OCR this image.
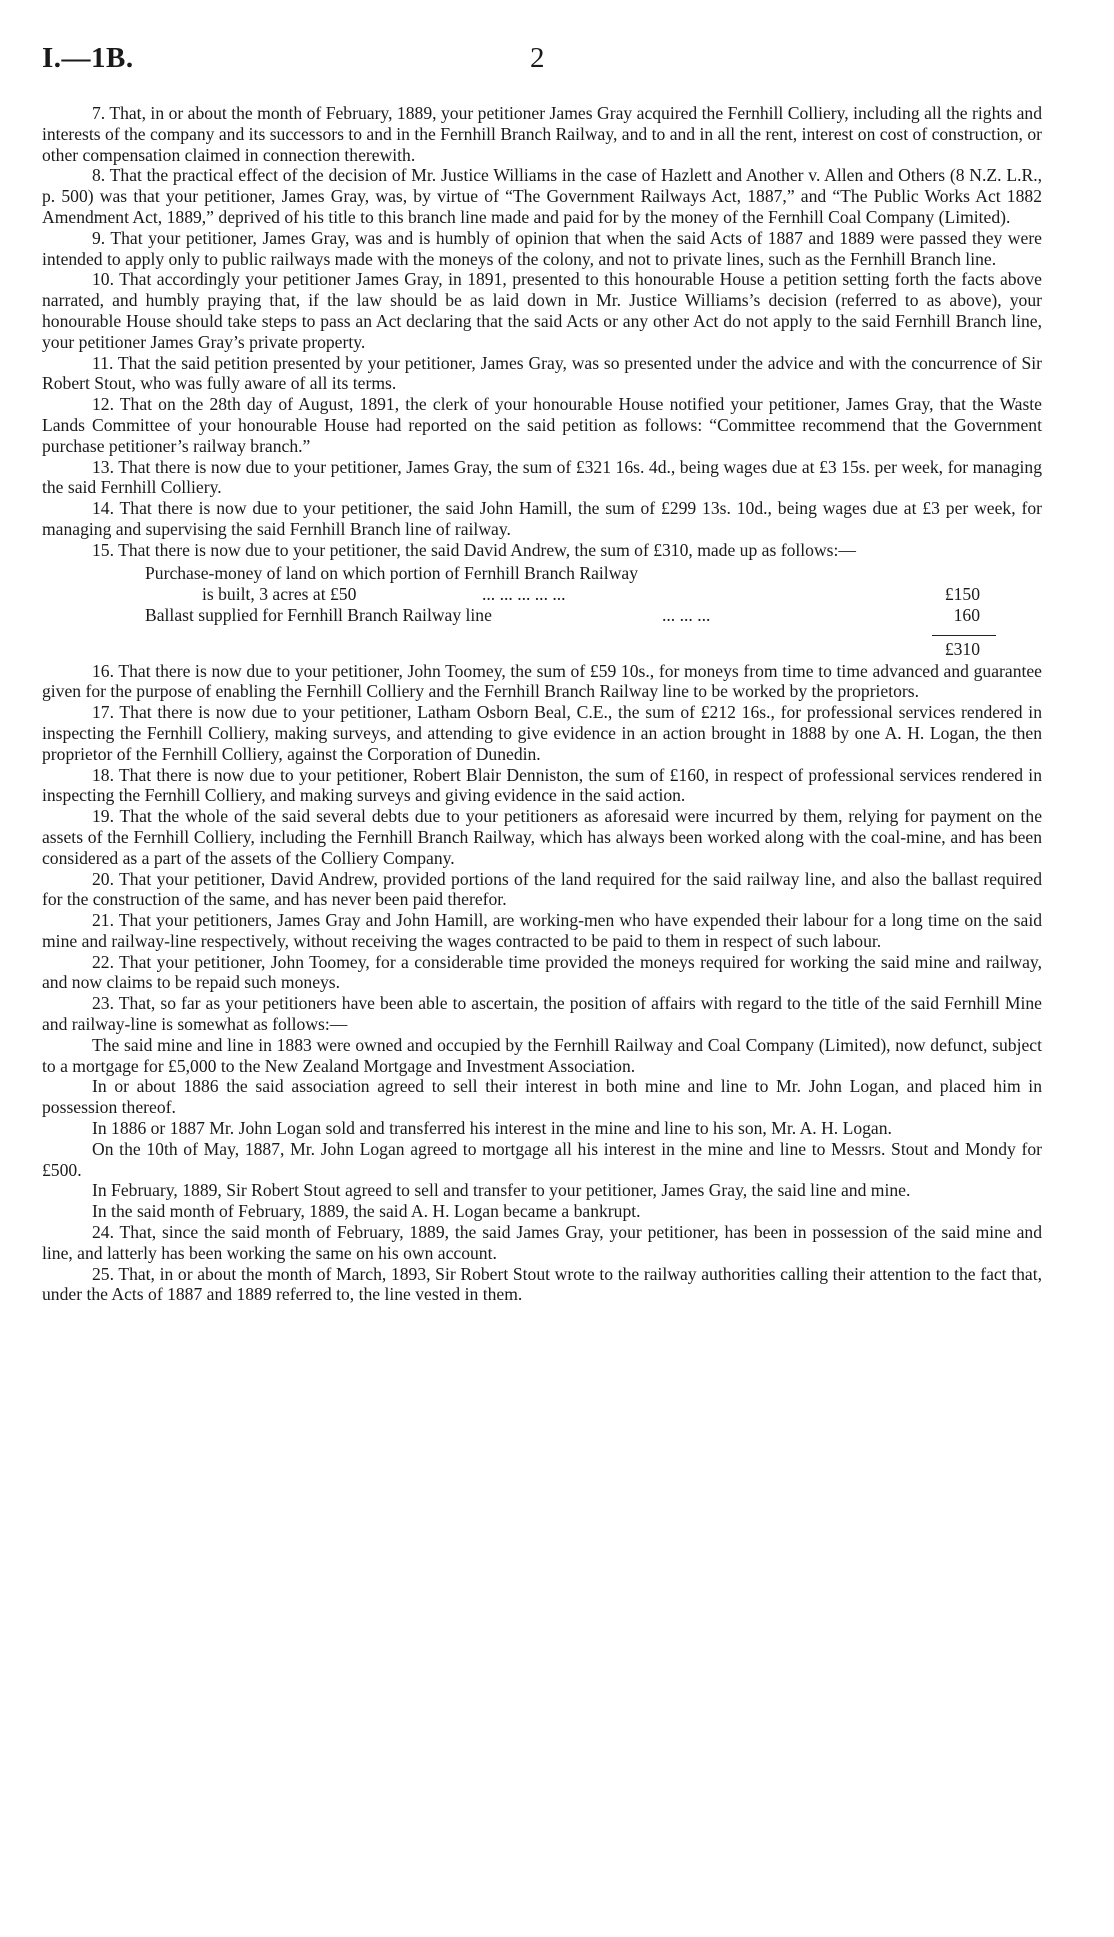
I.—1B.	2

7. That, in or about the month of February, 1889, your petitioner James Gray acquired the Fernhill Colliery, including all the rights and interests of the company and its successors to and in the Fernhill Branch Railway, and to and in all the rent, interest on cost of construction, or other compensation claimed in connection therewith.

8. That the practical effect of the decision of Mr. Justice Williams in the case of Hazlett and Another v. Allen and Others (8 N.Z. L.R., p. 500) was that your petitioner, James Gray, was, by virtue of “The Government Railways Act, 1887,” and “The Public Works Act 1882 Amendment Act, 1889,” deprived of his title to this branch line made and paid for by the money of the Fernhill Coal Company (Limited).

9. That your petitioner, James Gray, was and is humbly of opinion that when the said Acts of 1887 and 1889 were passed they were intended to apply only to public railways made with the moneys of the colony, and not to private lines, such as the Fernhill Branch line.

10. That accordingly your petitioner James Gray, in 1891, presented to this honourable House a petition setting forth the facts above narrated, and humbly praying that, if the law should be as laid down in Mr. Justice Williams’s decision (referred to as above), your honourable House should take steps to pass an Act declaring that the said Acts or any other Act do not apply to the said Fernhill Branch line, your petitioner James Gray’s private property.

11. That the said petition presented by your petitioner, James Gray, was so presented under the advice and with the concurrence of Sir Robert Stout, who was fully aware of all its terms.

12. That on the 28th day of August, 1891, the clerk of your honourable House notified your petitioner, James Gray, that the Waste Lands Committee of your honourable House had reported on the said petition as follows: “Committee recommend that the Government purchase petitioner’s railway branch.”

13. That there is now due to your petitioner, James Gray, the sum of £321 16s. 4d., being wages due at £3 15s. per week, for managing the said Fernhill Colliery.

14. That there is now due to your petitioner, the said John Hamill, the sum of £299 13s. 10d., being wages due at £3 per week, for managing and supervising the said Fernhill Branch line of railway.

15. That there is now due to your petitioner, the said David Andrew, the sum of £310, made up as follows:—

Purchase-money of land on which portion of Fernhill Branch Railway
is built, 3 acres at £50	... ... ... ... ...	£150
Ballast supplied for Fernhill Branch Railway line	... ... ...	160
£310

16. That there is now due to your petitioner, John Toomey, the sum of £59 10s., for moneys from time to time advanced and guarantee given for the purpose of enabling the Fernhill Colliery and the Fernhill Branch Railway line to be worked by the proprietors.

17. That there is now due to your petitioner, Latham Osborn Beal, C.E., the sum of £212 16s., for professional services rendered in inspecting the Fernhill Colliery, making surveys, and attending to give evidence in an action brought in 1888 by one A. H. Logan, the then proprietor of the Fernhill Colliery, against the Corporation of Dunedin.

18. That there is now due to your petitioner, Robert Blair Denniston, the sum of £160, in respect of professional services rendered in inspecting the Fernhill Colliery, and making surveys and giving evidence in the said action.

19. That the whole of the said several debts due to your petitioners as aforesaid were incurred by them, relying for payment on the assets of the Fernhill Colliery, including the Fernhill Branch Railway, which has always been worked along with the coal-mine, and has been considered as a part of the assets of the Colliery Company.

20. That your petitioner, David Andrew, provided portions of the land required for the said railway line, and also the ballast required for the construction of the same, and has never been paid therefor.

21. That your petitioners, James Gray and John Hamill, are working-men who have expended their labour for a long time on the said mine and railway-line respectively, without receiving the wages contracted to be paid to them in respect of such labour.

22. That your petitioner, John Toomey, for a considerable time provided the moneys required for working the said mine and railway, and now claims to be repaid such moneys.

23. That, so far as your petitioners have been able to ascertain, the position of affairs with regard to the title of the said Fernhill Mine and railway-line is somewhat as follows:—

The said mine and line in 1883 were owned and occupied by the Fernhill Railway and Coal Company (Limited), now defunct, subject to a mortgage for £5,000 to the New Zealand Mortgage and Investment Association.

In or about 1886 the said association agreed to sell their interest in both mine and line to Mr. John Logan, and placed him in possession thereof.

In 1886 or 1887 Mr. John Logan sold and transferred his interest in the mine and line to his son, Mr. A. H. Logan.

On the 10th of May, 1887, Mr. John Logan agreed to mortgage all his interest in the mine and line to Messrs. Stout and Mondy for £500.

In February, 1889, Sir Robert Stout agreed to sell and transfer to your petitioner, James Gray, the said line and mine.

In the said month of February, 1889, the said A. H. Logan became a bankrupt.

24. That, since the said month of February, 1889, the said James Gray, your petitioner, has been in possession of the said mine and line, and latterly has been working the same on his own account.

25. That, in or about the month of March, 1893, Sir Robert Stout wrote to the railway authorities calling their attention to the fact that, under the Acts of 1887 and 1889 referred to, the line vested in them.
